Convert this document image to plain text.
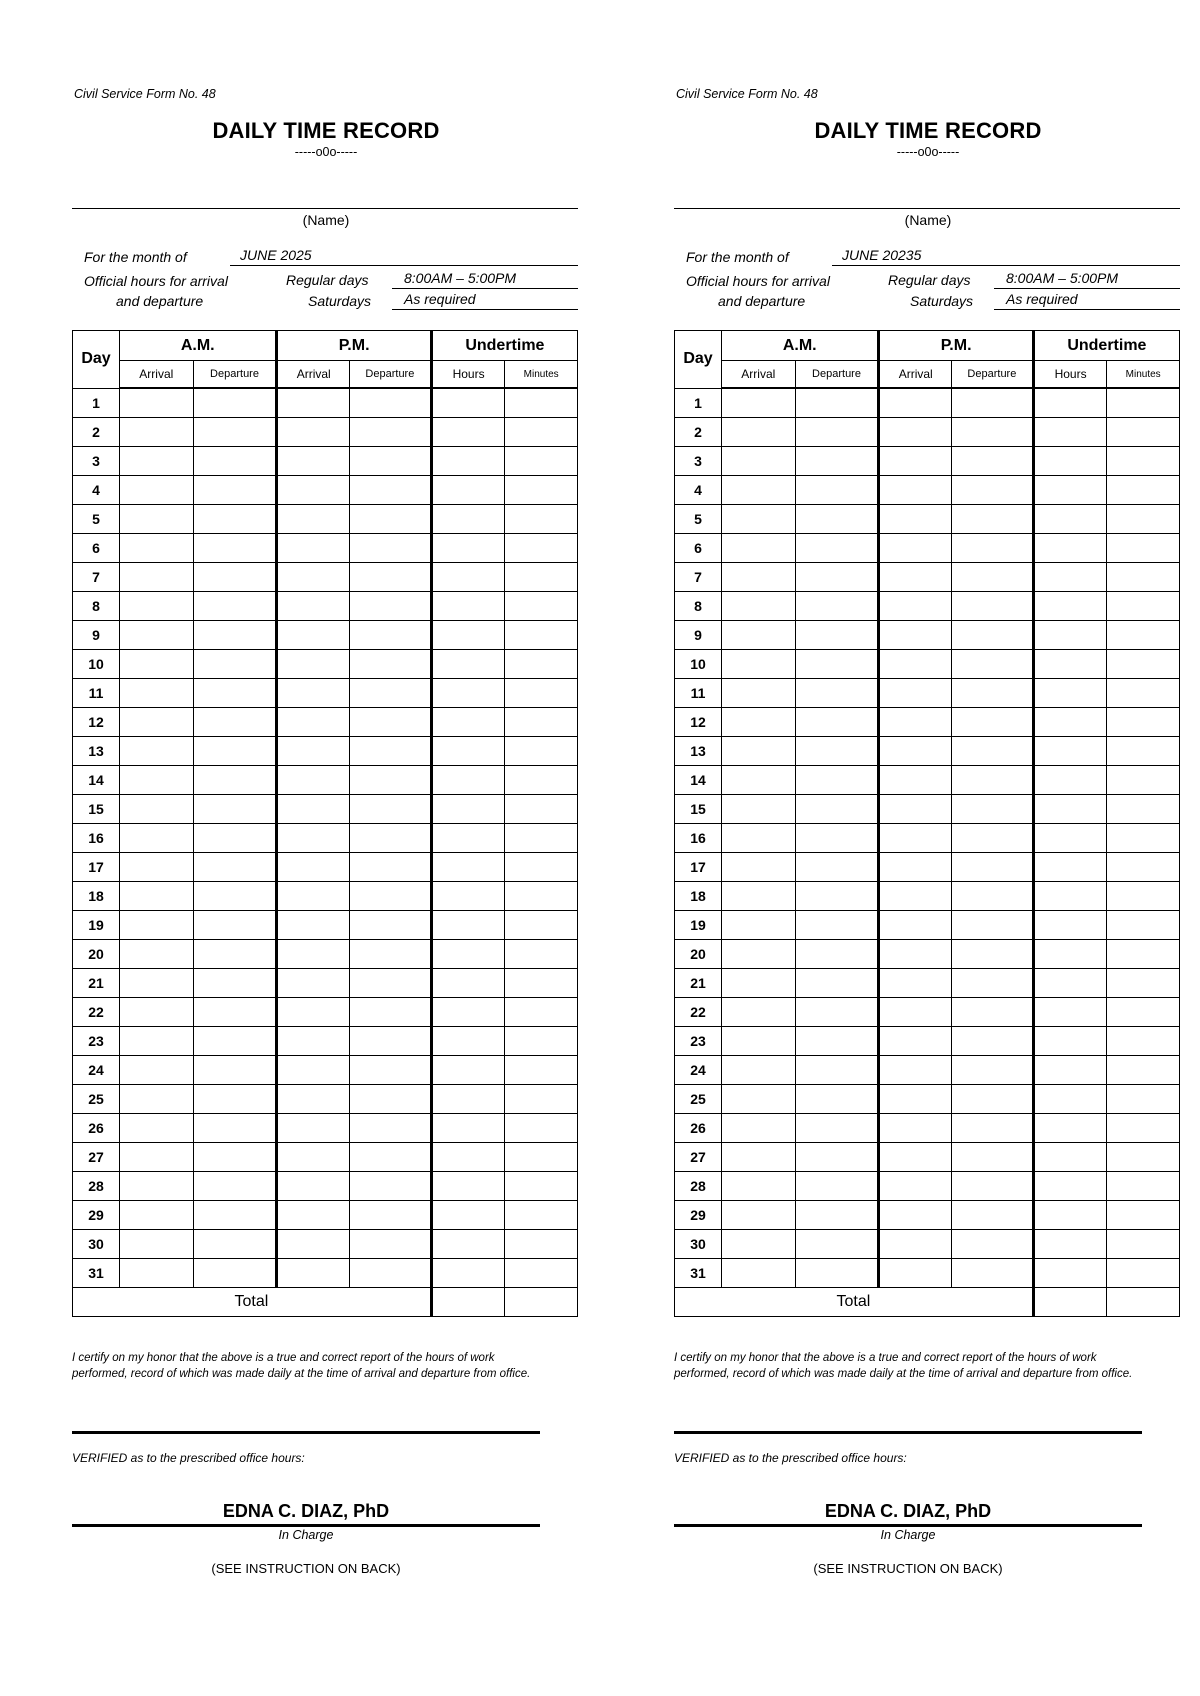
Civil Service Form No. 48
DAILY TIME RECORD
-----o0o-----
(Name)
For the month of	JUNE 2025
Official hours for arrival
and departure
Regular days	8:00AM – 5:00PM
Saturdays	As required
Day	A.M.		P.M.		Undertime	
	Arrival	Departure	Arrival	Departure	Hours	Minutes
1						
2						
3						
4						
5						
6						
7						
8						
9						
10						
11						
12						
13						
14						
15						
16						
17						
18						
19						
20						
21						
22						
23						
24						
25						
26						
27						
28						
29						
30						
31						
Total						
I certify on my honor that the above is a true and correct report of the hours of work performed, record of which was made daily at the time of arrival and departure from office.
VERIFIED as to the prescribed office hours:
EDNA C. DIAZ, PhD
In Charge
(SEE INSTRUCTION ON BACK)
Civil Service Form No. 48
DAILY TIME RECORD
-----o0o-----
(Name)
For the month of	JUNE 20235
Official hours for arrival
and departure
Regular days	8:00AM – 5:00PM
Saturdays	As required
Day	A.M.		P.M.		Undertime	
	Arrival	Departure	Arrival	Departure	Hours	Minutes
1						
2						
3						
4						
5						
6						
7						
8						
9						
10						
11						
12						
13						
14						
15						
16						
17						
18						
19						
20						
21						
22						
23						
24						
25						
26						
27						
28						
29						
30						
31						
Total						
I certify on my honor that the above is a true and correct report of the hours of work performed, record of which was made daily at the time of arrival and departure from office.
VERIFIED as to the prescribed office hours:
EDNA C. DIAZ, PhD
In Charge
(SEE INSTRUCTION ON BACK)
